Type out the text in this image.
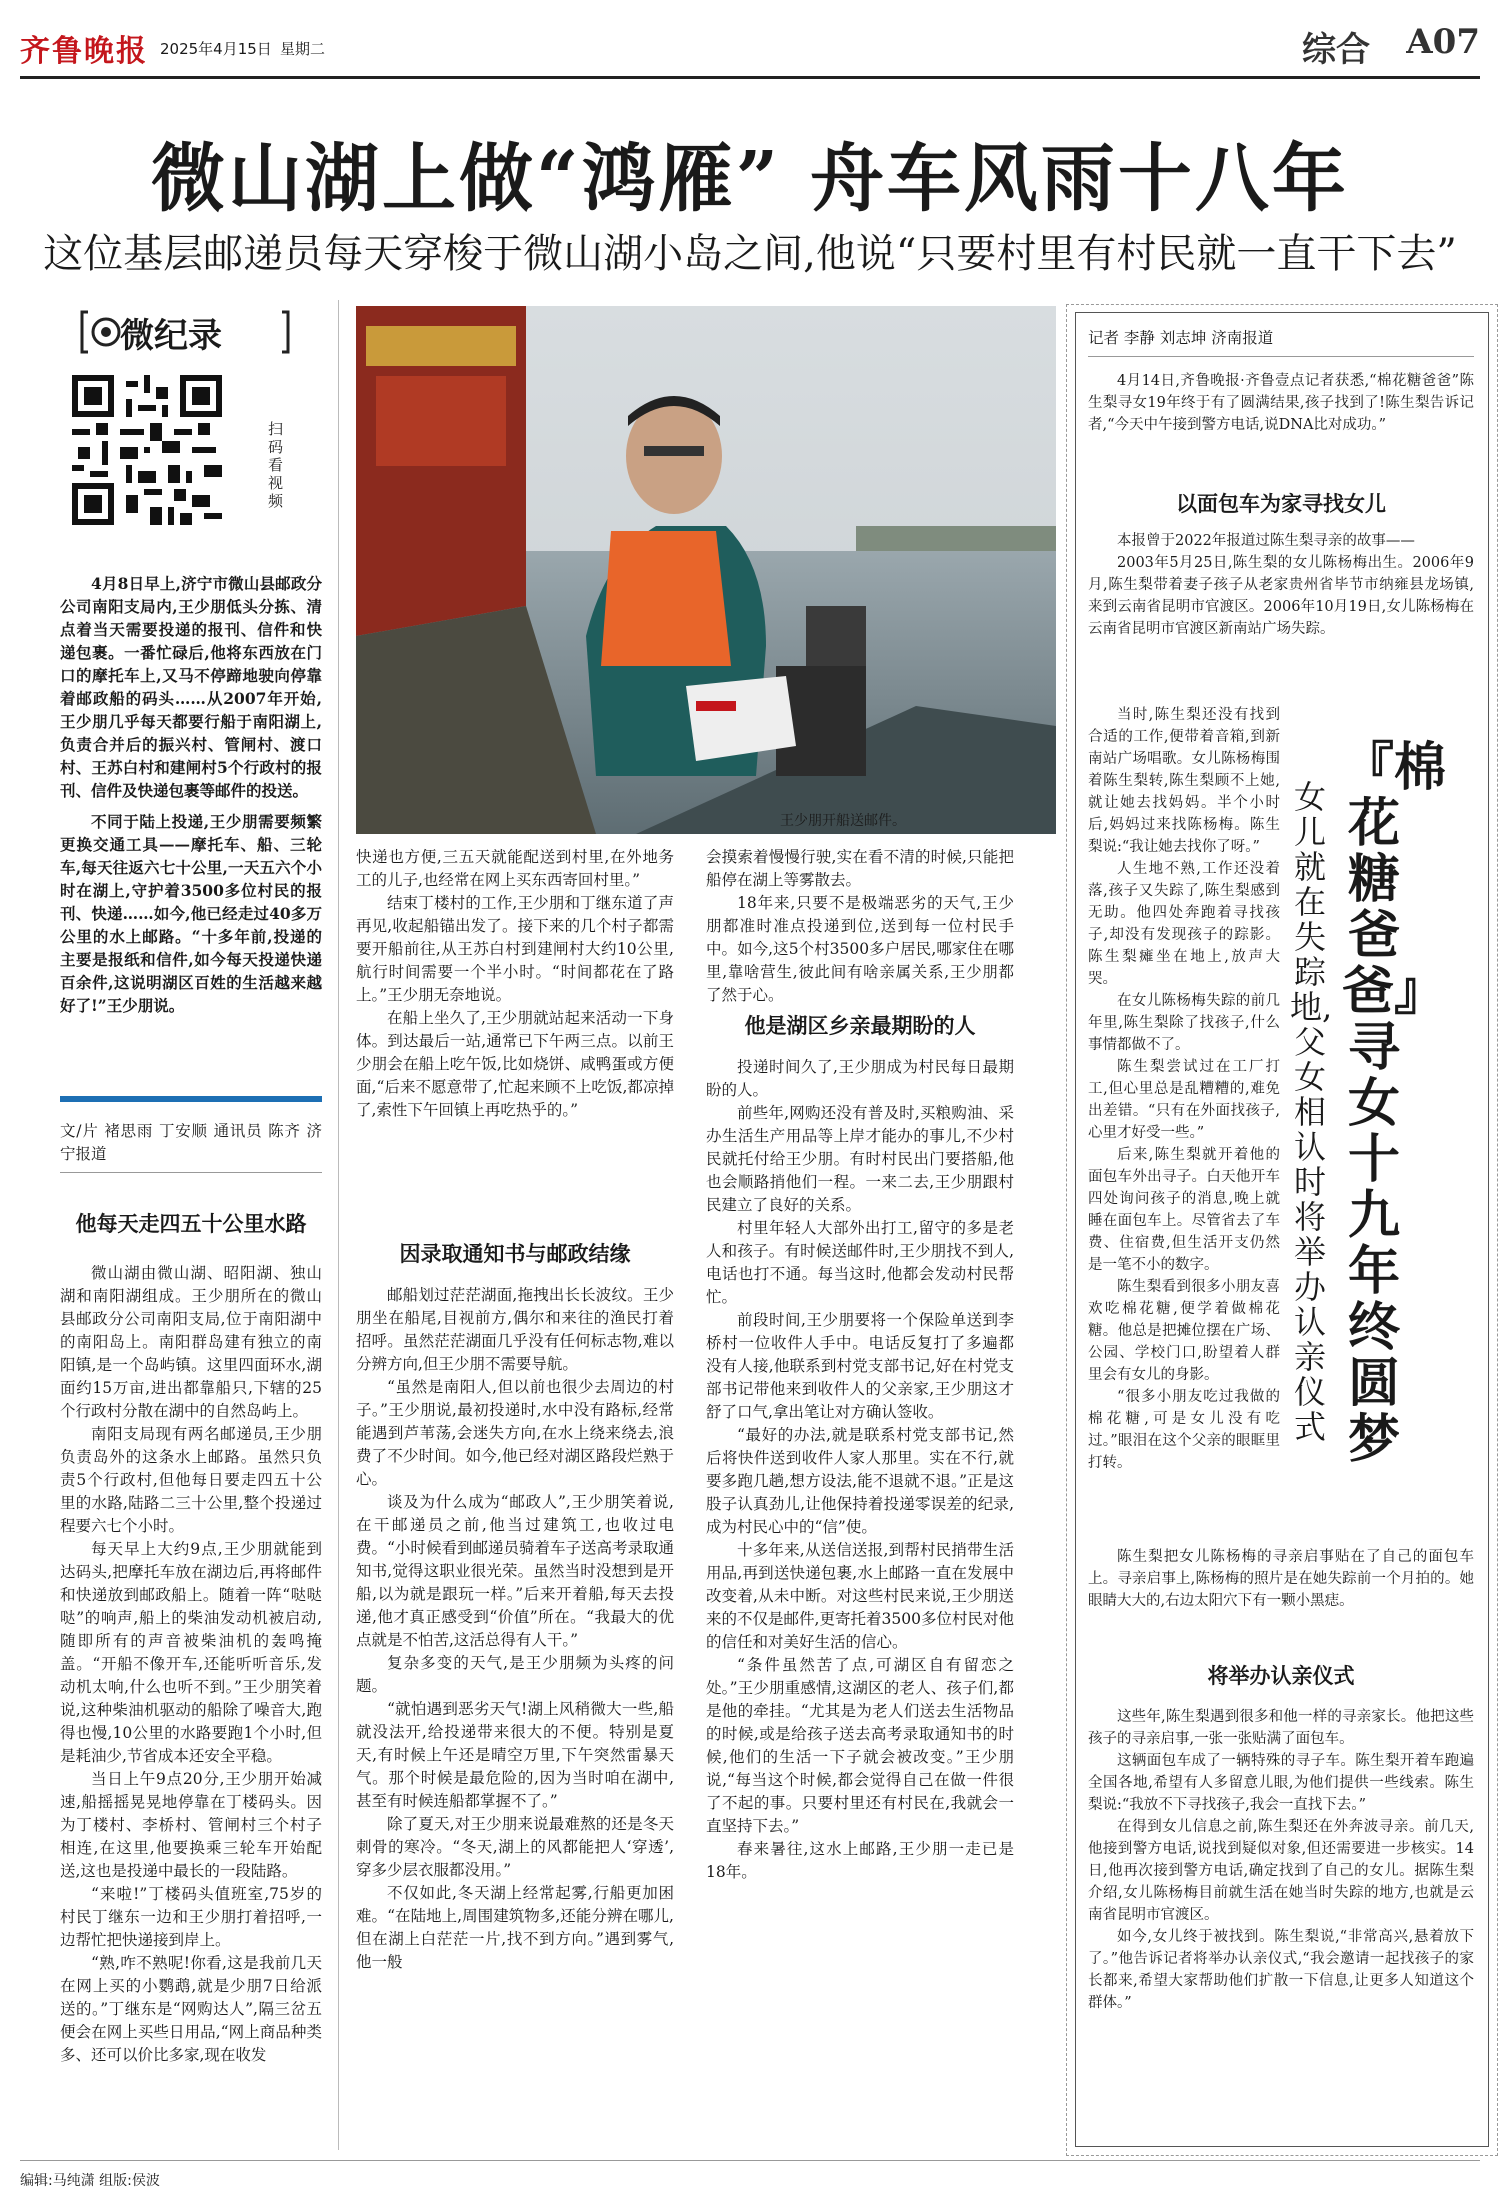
齐鲁晚报 2025年4月15日 星期二	综合 A07
微山湖上做“鸿雁” 舟车风雨十八年
这位基层邮递员每天穿梭于微山湖小岛之间,他说“只要村里有村民就一直干下去”
微纪录
扫码看视频

4月8日早上,济宁市微山县邮政分公司南阳支局内,王少朋低头分拣、清点着当天需要投递的报刊、信件和快递包裹。一番忙碌后,他将东西放在门口的摩托车上,又马不停蹄地驶向停靠着邮政船的码头……从2007年开始,王少朋几乎每天都要行船于南阳湖上,负责合并后的振兴村、管闸村、渡口村、王苏白村和建闸村5个行政村的报刊、信件及快递包裹等邮件的投送。

不同于陆上投递,王少朋需要频繁更换交通工具——摩托车、船、三轮车,每天往返六七十公里,一天五六个小时在湖上,守护着3500多位村民的报刊、快递……如今,他已经走过40多万公里的水上邮路。“十多年前,投递的主要是报纸和信件,如今每天投递快递百余件,这说明湖区百姓的生活越来越好了!”王少朋说。

文/片 褚思雨 丁安顺 通讯员 陈齐 济宁报道
他每天走四五十公里水路

微山湖由微山湖、昭阳湖、独山湖和南阳湖组成。王少朋所在的微山县邮政分公司南阳支局,位于南阳湖中的南阳岛上。南阳群岛建有独立的南阳镇,是一个岛屿镇。这里四面环水,湖面约15万亩,进出都靠船只,下辖的25个行政村分散在湖中的自然岛屿上。

南阳支局现有两名邮递员,王少朋负责岛外的这条水上邮路。虽然只负责5个行政村,但他每日要走四五十公里的水路,陆路二三十公里,整个投递过程要六七个小时。

每天早上大约9点,王少朋就能到达码头,把摩托车放在湖边后,再将邮件和快递放到邮政船上。随着一阵“哒哒哒”的响声,船上的柴油发动机被启动,随即所有的声音被柴油机的轰鸣掩盖。“开船不像开车,还能听听音乐,发动机太响,什么也听不到。”王少朋笑着说,这种柴油机驱动的船除了噪音大,跑得也慢,10公里的水路要跑1个小时,但是耗油少,节省成本还安全平稳。

当日上午9点20分,王少朋开始减速,船摇摇晃晃地停靠在丁楼码头。因为丁楼村、李桥村、管闸村三个村子相连,在这里,他要换乘三轮车开始配送,这也是投递中最长的一段陆路。

“来啦!”丁楼码头值班室,75岁的村民丁继东一边和王少朋打着招呼,一边帮忙把快递接到岸上。

“熟,咋不熟呢!你看,这是我前几天在网上买的小鹦鹉,就是少朋7日给派送的。”丁继东是“网购达人”,隔三岔五便会在网上买些日用品,“网上商品种类多、还可以价比多家,现在收发

王少朋开船送邮件。

快递也方便,三五天就能配送到村里,在外地务工的儿子,也经常在网上买东西寄回村里。”

结束丁楼村的工作,王少朋和丁继东道了声再见,收起船锚出发了。接下来的几个村子都需要开船前往,从王苏白村到建闸村大约10公里,航行时间需要一个半小时。“时间都花在了路上。”王少朋无奈地说。

在船上坐久了,王少朋就站起来活动一下身体。到达最后一站,通常已下午两三点。以前王少朋会在船上吃午饭,比如烧饼、咸鸭蛋或方便面,“后来不愿意带了,忙起来顾不上吃饭,都凉掉了,索性下午回镇上再吃热乎的。”

因录取通知书与邮政结缘

邮船划过茫茫湖面,拖拽出长长波纹。王少朋坐在船尾,目视前方,偶尔和来往的渔民打着招呼。虽然茫茫湖面几乎没有任何标志物,难以分辨方向,但王少朋不需要导航。

“虽然是南阳人,但以前也很少去周边的村子。”王少朋说,最初投递时,水中没有路标,经常能遇到芦苇荡,会迷失方向,在水上绕来绕去,浪费了不少时间。如今,他已经对湖区路段烂熟于心。

谈及为什么成为“邮政人”,王少朋笑着说,在干邮递员之前,他当过建筑工,也收过电费。“小时候看到邮递员骑着车子送高考录取通知书,觉得这职业很光荣。虽然当时没想到是开船,以为就是跟玩一样。”后来开着船,每天去投递,他才真正感受到“价值”所在。“我最大的优点就是不怕苦,这活总得有人干。”

复杂多变的天气,是王少朋频为头疼的问题。

“就怕遇到恶劣天气!湖上风稍微大一些,船就没法开,给投递带来很大的不便。特别是夏天,有时候上午还是晴空万里,下午突然雷暴天气。那个时候是最危险的,因为当时咱在湖中,甚至有时候连船都掌握不了。”

除了夏天,对王少朋来说最难熬的还是冬天刺骨的寒冷。“冬天,湖上的风都能把人‘穿透’,穿多少层衣服都没用。”

不仅如此,冬天湖上经常起雾,行船更加困难。“在陆地上,周围建筑物多,还能分辨在哪儿,但在湖上白茫茫一片,找不到方向。”遇到雾气,他一般

会摸索着慢慢行驶,实在看不清的时候,只能把船停在湖上等雾散去。

18年来,只要不是极端恶劣的天气,王少朋都准时准点投递到位,送到每一位村民手中。如今,这5个村3500多户居民,哪家住在哪里,靠啥营生,彼此间有啥亲属关系,王少朋都了然于心。

他是湖区乡亲最期盼的人

投递时间久了,王少朋成为村民每日最期盼的人。

前些年,网购还没有普及时,买粮购油、采办生活生产用品等上岸才能办的事儿,不少村民就托付给王少朋。有时村民出门要搭船,他也会顺路捎他们一程。一来二去,王少朋跟村民建立了良好的关系。

村里年轻人大部外出打工,留守的多是老人和孩子。有时候送邮件时,王少朋找不到人,电话也打不通。每当这时,他都会发动村民帮忙。

前段时间,王少朋要将一个保险单送到李桥村一位收件人手中。电话反复打了多遍都没有人接,他联系到村党支部书记,好在村党支部书记带他来到收件人的父亲家,王少朋这才舒了口气,拿出笔让对方确认签收。

“最好的办法,就是联系村党支部书记,然后将快件送到收件人家人那里。实在不行,就要多跑几趟,想方设法,能不退就不退。”正是这股子认真劲儿,让他保持着投递零误差的纪录,成为村民心中的“信”使。

十多年来,从送信送报,到帮村民捎带生活用品,再到送快递包裹,水上邮路一直在发展中改变着,从未中断。对这些村民来说,王少朋送来的不仅是邮件,更寄托着3500多位村民对他的信任和对美好生活的信心。

“条件虽然苦了点,可湖区自有留恋之处。”王少朋重感情,这湖区的老人、孩子们,都是他的牵挂。“尤其是为老人们送去生活物品的时候,或是给孩子送去高考录取通知书的时候,他们的生活一下子就会被改变。”王少朋说,“每当这个时候,都会觉得自己在做一件很了不起的事。只要村里还有村民在,我就会一直坚持下去。”

春来暑往,这水上邮路,王少朋一走已是18年。

记者 李静 刘志坤 济南报道

4月14日,齐鲁晚报·齐鲁壹点记者获悉,“棉花糖爸爸”陈生梨寻女19年终于有了圆满结果,孩子找到了!陈生梨告诉记者,“今天中午接到警方电话,说DNA比对成功。”

以面包车为家寻找女儿

本报曾于2022年报道过陈生梨寻亲的故事——

2003年5月25日,陈生梨的女儿陈杨梅出生。2006年9月,陈生梨带着妻子孩子从老家贵州省毕节市纳雍县龙场镇,来到云南省昆明市官渡区。2006年10月19日,女儿陈杨梅在云南省昆明市官渡区新南站广场失踪。

当时,陈生梨还没有找到合适的工作,便带着音箱,到新南站广场唱歌。女儿陈杨梅围着陈生梨转,陈生梨顾不上她,就让她去找妈妈。半个小时后,妈妈过来找陈杨梅。陈生梨说:“我让她去找你了呀。”

人生地不熟,工作还没着落,孩子又失踪了,陈生梨感到无助。他四处奔跑着寻找孩子,却没有发现孩子的踪影。陈生梨瘫坐在地上,放声大哭。

在女儿陈杨梅失踪的前几年里,陈生梨除了找孩子,什么事情都做不了。

陈生梨尝试过在工厂打工,但心里总是乱糟糟的,难免出差错。“只有在外面找孩子,心里才好受一些。”

后来,陈生梨就开着他的面包车外出寻子。白天他开车四处询问孩子的消息,晚上就睡在面包车上。尽管省去了车费、住宿费,但生活开支仍然是一笔不小的数字。

陈生梨看到很多小朋友喜欢吃棉花糖,便学着做棉花糖。他总是把摊位摆在广场、公园、学校门口,盼望着人群里会有女儿的身影。

“很多小朋友吃过我做的棉花糖,可是女儿没有吃过。”眼泪在这个父亲的眼眶里打转。

女儿就在失踪地,父女相认时将举办认亲仪式
『棉花糖爸爸』寻女十九年终圆梦

陈生梨把女儿陈杨梅的寻亲启事贴在了自己的面包车上。寻亲启事上,陈杨梅的照片是在她失踪前一个月拍的。她眼睛大大的,右边太阳穴下有一颗小黑痣。

将举办认亲仪式

这些年,陈生梨遇到很多和他一样的寻亲家长。他把这些孩子的寻亲启事,一张一张贴满了面包车。

这辆面包车成了一辆特殊的寻子车。陈生梨开着车跑遍全国各地,希望有人多留意儿眼,为他们提供一些线索。陈生梨说:“我放不下寻找孩子,我会一直找下去。”

在得到女儿信息之前,陈生梨还在外奔波寻亲。前几天,他接到警方电话,说找到疑似对象,但还需要进一步核实。14日,他再次接到警方电话,确定找到了自己的女儿。据陈生梨介绍,女儿陈杨梅目前就生活在她当时失踪的地方,也就是云南省昆明市官渡区。

如今,女儿终于被找到。陈生梨说,“非常高兴,悬着放下了。”他告诉记者将举办认亲仪式,“我会邀请一起找孩子的家长都来,希望大家帮助他们扩散一下信息,让更多人知道这个群体。”

编辑:马纯潇 组版:侯波
